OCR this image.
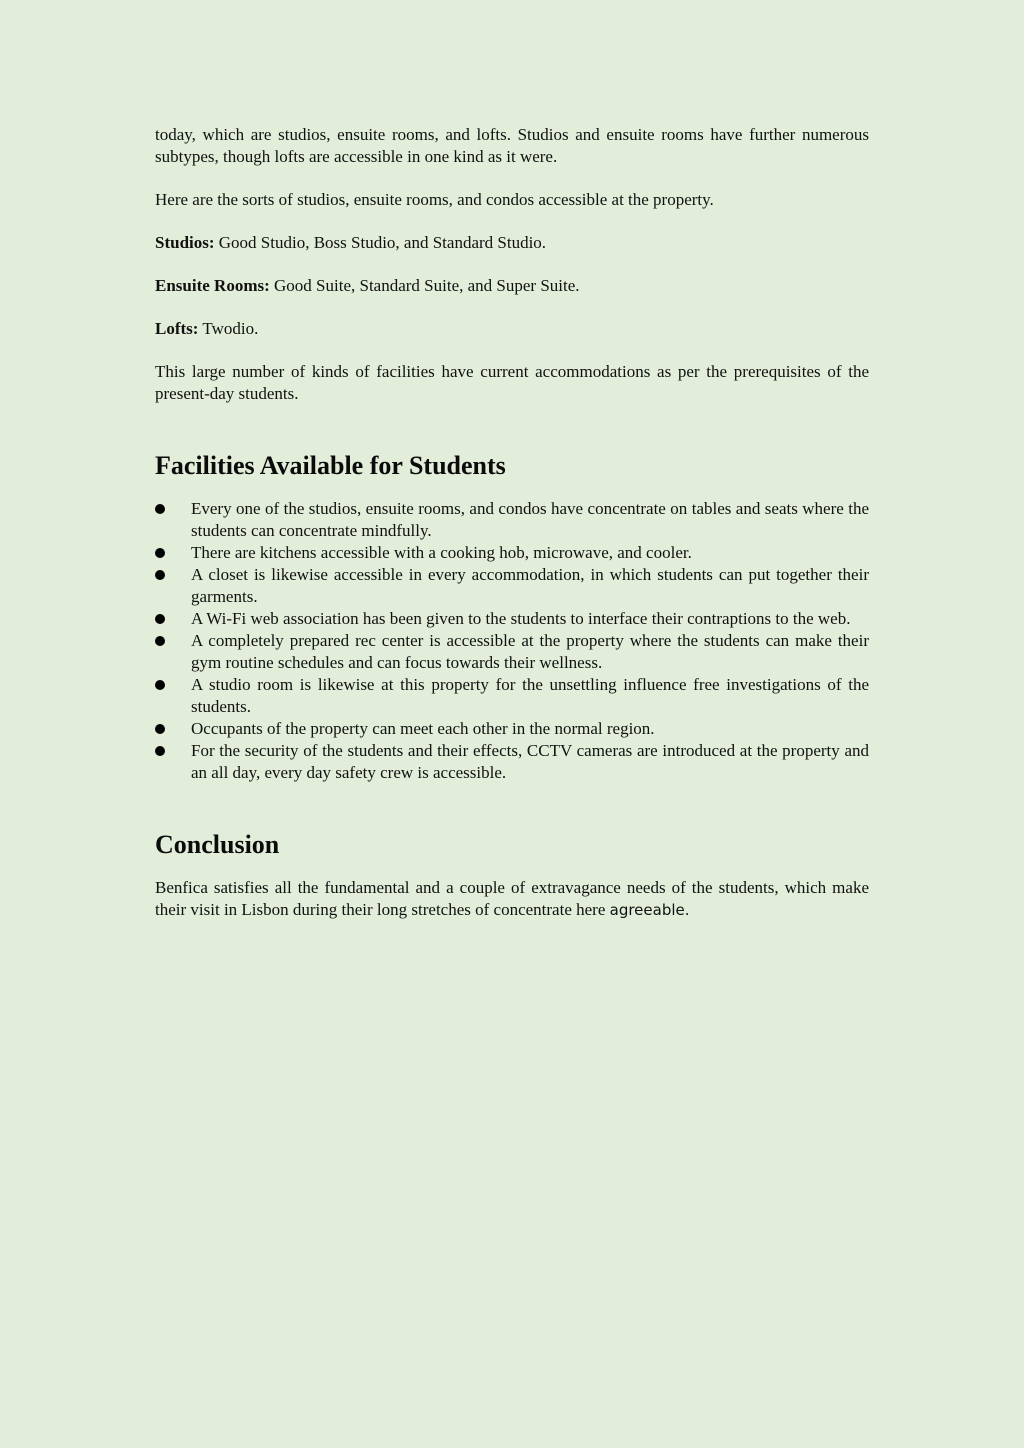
today, which are studios, ensuite rooms, and lofts. Studios and ensuite rooms have further numerous subtypes, though lofts are accessible in one kind as it were.

Here are the sorts of studios, ensuite rooms, and condos accessible at the property.

Studios: Good Studio, Boss Studio, and Standard Studio.

Ensuite Rooms: Good Suite, Standard Suite, and Super Suite.

Lofts: Twodio.

This large number of kinds of facilities have current accommodations as per the prerequisites of the present-day students.

Facilities Available for Students
Every one of the studios, ensuite rooms, and condos have concentrate on tables and seats where the students can concentrate mindfully.
There are kitchens accessible with a cooking hob, microwave, and cooler.
A closet is likewise accessible in every accommodation, in which students can put together their garments.
A Wi-Fi web association has been given to the students to interface their contraptions to the web.
A completely prepared rec center is accessible at the property where the students can make their gym routine schedules and can focus towards their wellness.
A studio room is likewise at this property for the unsettling influence free investigations of the students.
Occupants of the property can meet each other in the normal region.
For the security of the students and their effects, CCTV cameras are introduced at the property and an all day, every day safety crew is accessible.
Conclusion

Benfica satisfies all the fundamental and a couple of extravagance needs of the students, which make their visit in Lisbon during their long stretches of concentrate here agreeable.
